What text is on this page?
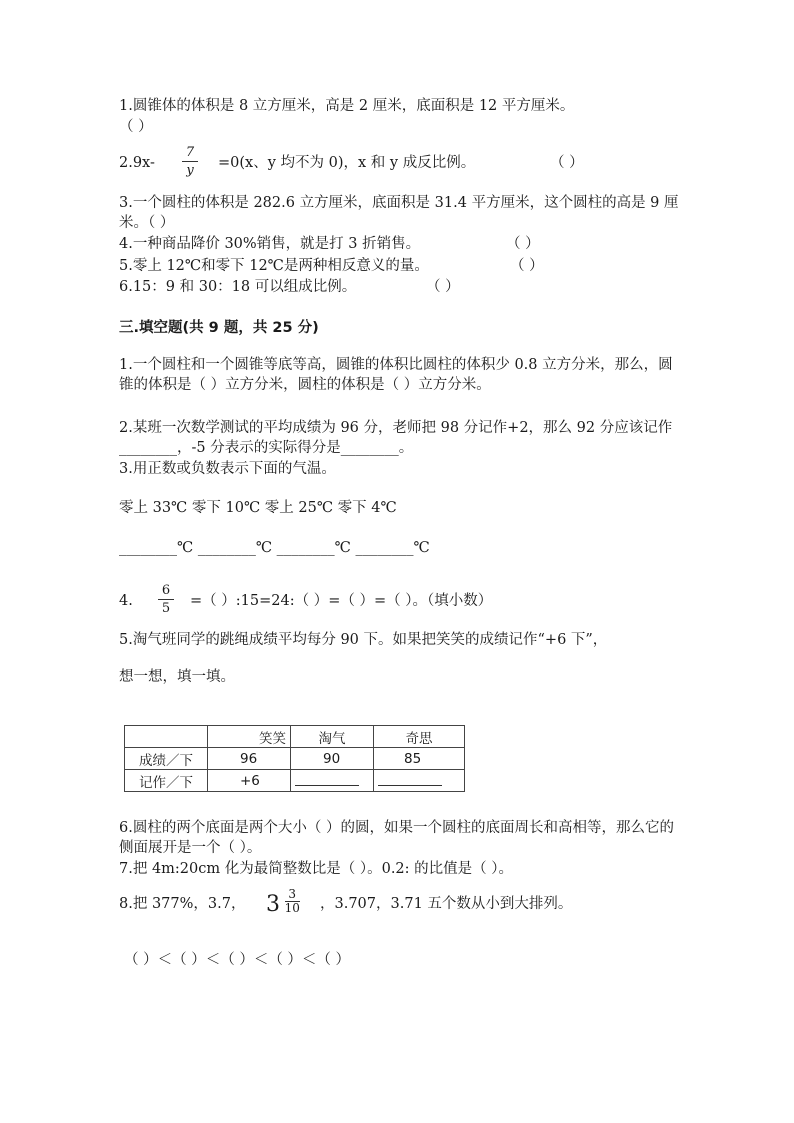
1.圆锥体的体积是 8 立方厘米，高是 2 厘米，底面积是 12 平方厘米。
（ ）
2.9x-
7
y =0(x、y 均不为 0)，x 和 y 成反比例。	（ ）
3.一个圆柱的体积是 282.6 立方厘米，底面积是 31.4 平方厘米，这个圆柱的高是 9 厘米。（ ）
4.一种商品降价 30%销售，就是打 3 折销售。	（ ）
5.零上 12℃和零下 12℃是两种相反意义的量。	（ ）
6.15：9 和 30：18 可以组成比例。	（ ）
三.填空题(共 9 题，共 25 分)
1.一个圆柱和一个圆锥等底等高，圆锥的体积比圆柱的体积少 0.8 立方分米，那么，圆锥的体积是（ ）立方分米，圆柱的体积是（ ）立方分米。
2.某班一次数学测试的平均成绩为 96 分，老师把 98 分记作+2，那么 92 分应该记作________，-5 分表示的实际得分是________。
3.用正数或负数表示下面的气温。
零上 33℃ 零下 10℃ 零上 25℃ 零下 4℃
________℃ ________℃ ________℃ ________℃
4.
6
5 =（ ）:15=24:（ ）=（ ）=（ ）。（填小数）
5.淘气班同学的跳绳成绩平均每分 90 下。如果把笑笑的成绩记作“+6 下”，
想一想，填一填。
	笑笑	淘气	奇思
成绩／下	96	90	85
记作／下	+6		
6.圆柱的两个底面是两个大小（ ）的圆，如果一个圆柱的底面周长和高相等，那么它的侧面展开是一个（ ）。
7.把 4m:20cm 化为最简整数比是（ ）。0.2: 的比值是（ ）。
8.把 377%，3.7， $3 \frac{3}{10}$ ，3.707，3.71 五个数从小到大排列。
（ ）＜（ ）＜（ ）＜（ ）＜（ ）
